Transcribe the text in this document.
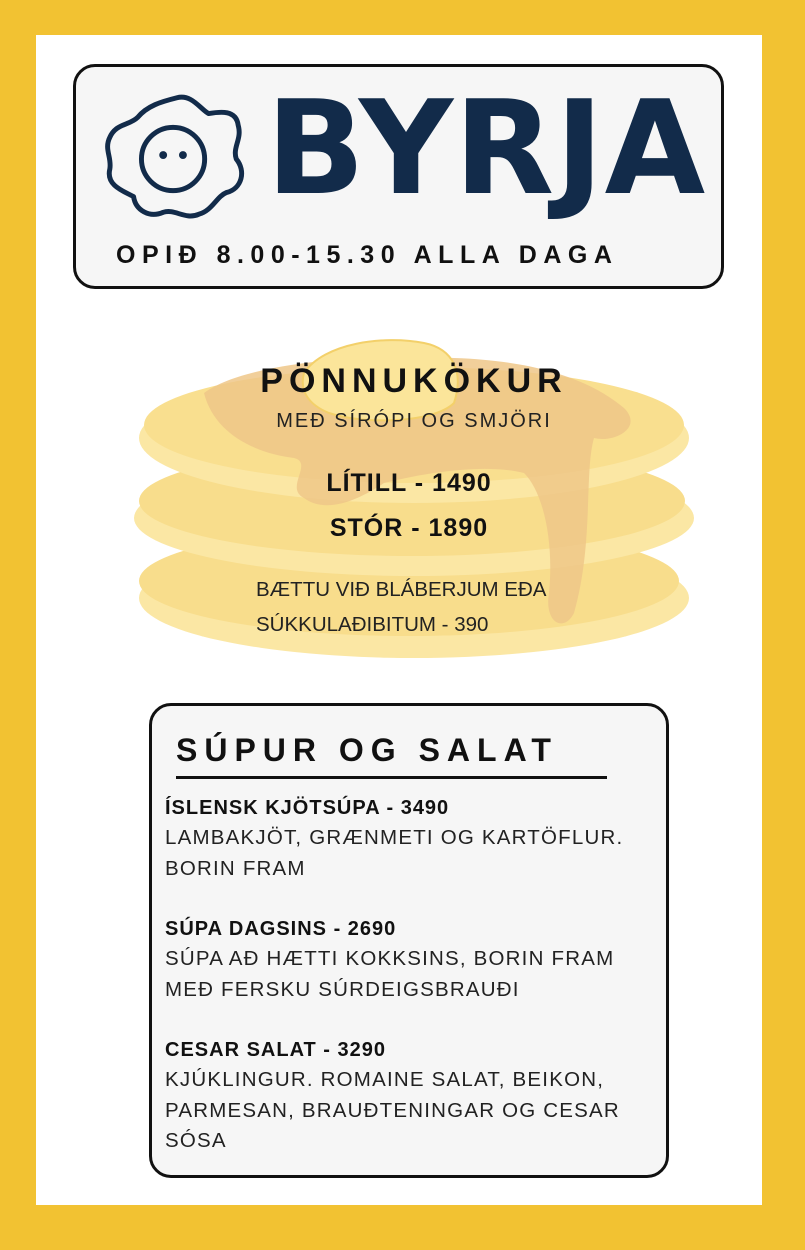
BYRJA
OPIÐ 8.00-15.30 ALLA DAGA
PÖNNUKÖKUR
MEÐ SÍRÓPI OG SMJÖRI
LÍTILL - 1490
STÓR - 1890
BÆTTU VIÐ BLÁBERJUM EÐA
SÚKKULAÐIBITUM - 390
SÚPUR OG SALAT
ÍSLENSK KJÖTSÚPA - 3490
LAMBAKJÖT, GRÆNMETI OG KARTÖFLUR.
BORIN FRAM
SÚPA DAGSINS - 2690
SÚPA AÐ HÆTTI KOKKSINS, BORIN FRAM
MEÐ FERSKU SÚRDEIGSBRAUÐI
CESAR SALAT - 3290
KJÚKLINGUR. ROMAINE SALAT, BEIKON,
PARMESAN, BRAUÐTENINGAR OG CESAR
SÓSA
